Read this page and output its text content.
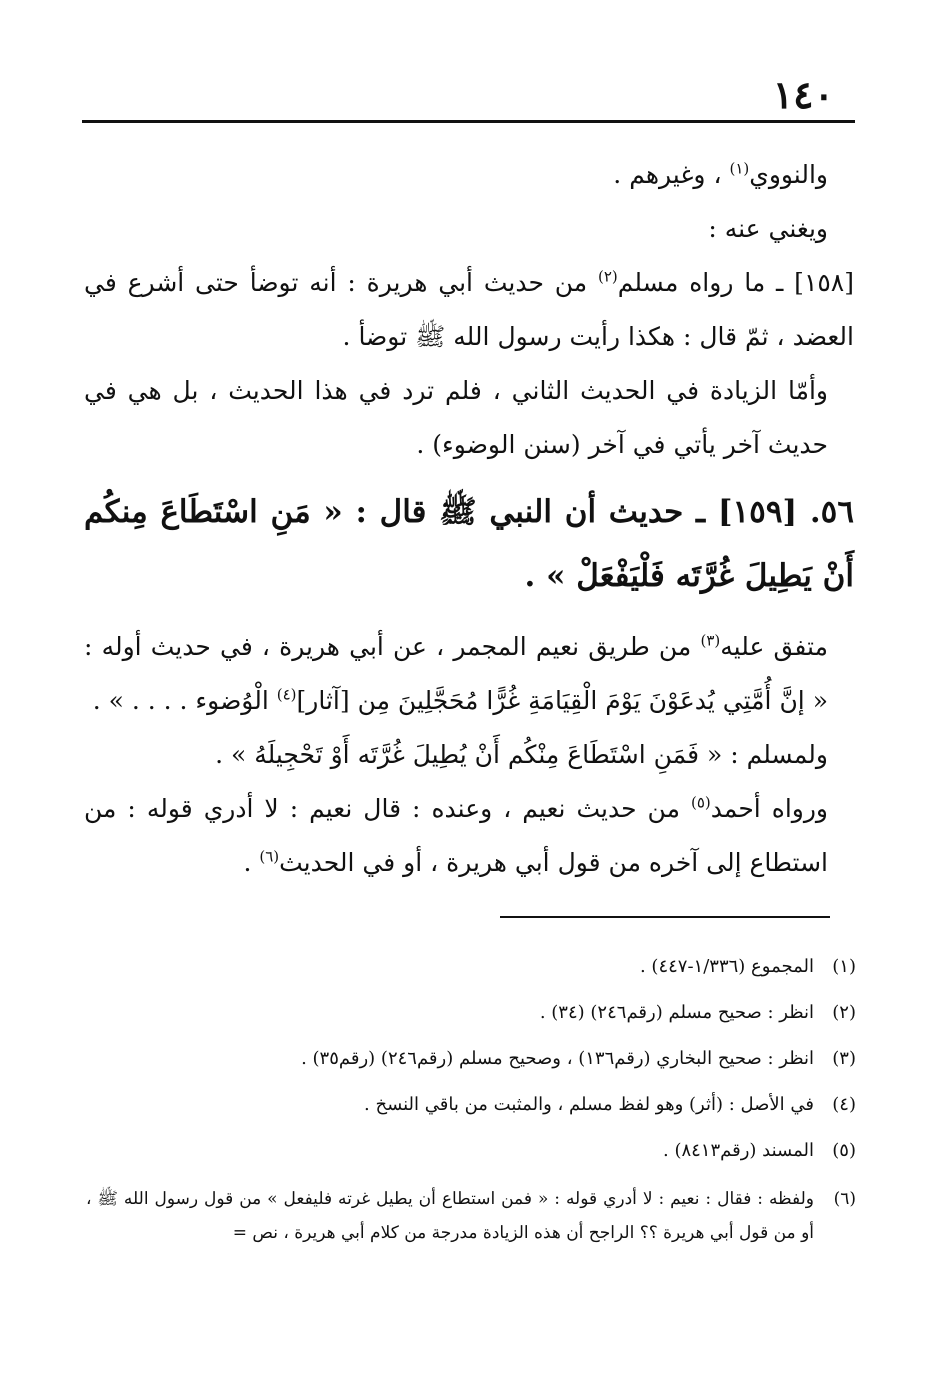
١٤٠

والنووي$^{(١)}$ ، وغيرهم .

ويغني عنه :

[١٥٨] ـ ما رواه مسلم$^{(٢)}$ من حديث أبي هريرة : أنه توضأ حتى أشرع في العضد ، ثمّ قال : هكذا رأيت رسول الله ﷺ توضأ .

وأمّا الزيادة في الحديث الثاني ، فلم ترد في هذا الحديث ، بل هي في حديث آخر يأتي في آخر (سنن الوضوء) .

٥٦. [١٥٩] ـ حديث أن النبي ﷺ قال : « مَنِ اسْتَطَاعَ مِنكُم أَنْ يَطِيلَ غُرَّتَه فَلْيَفْعَلْ » .

متفق عليه$^{(٣)}$ من طريق نعيم المجمر ، عن أبي هريرة ، في حديث أوله : « إنَّ أُمَّتِي يُدعَوْنَ يَوْمَ الْقِيَامَةِ غُرًّا مُحَجَّلِينَ مِن [آثار]$^{(٤)}$ الْوُضوء . . . . » .

ولمسلم : « فَمَنِ اسْتَطَاعَ مِنْكُم أَنْ يُطِيلَ غُرَّتَه أَوْ تَحْجِيلَهُ » .

ورواه أحمد$^{(٥)}$ من حديث نعيم ، وعنده : قال نعيم : لا أدري قوله : من استطاع إلى آخره من قول أبي هريرة ، أو في الحديث$^{(٦)}$ .

(١)
المجموع (١/٣٣٦-٤٤٧) .
(٢)
انظر : صحيح مسلم (رقم٢٤٦) (٣٤) .
(٣)
انظر : صحيح البخاري (رقم١٣٦) ، وصحيح مسلم (رقم٢٤٦) (رقم٣٥) .
(٤)
في الأصل : (أثر) وهو لفظ مسلم ، والمثبت من باقي النسخ .
(٥)
المسند (رقم٨٤١٣) .
(٦)
ولفظه : فقال : نعيم : لا أدري قوله : « فمن استطاع أن يطيل غرته فليفعل » من قول رسول الله ﷺ ، أو من قول أبي هريرة ؟؟ الراجح أن هذه الزيادة مدرجة من كلام أبي هريرة ، نص =
